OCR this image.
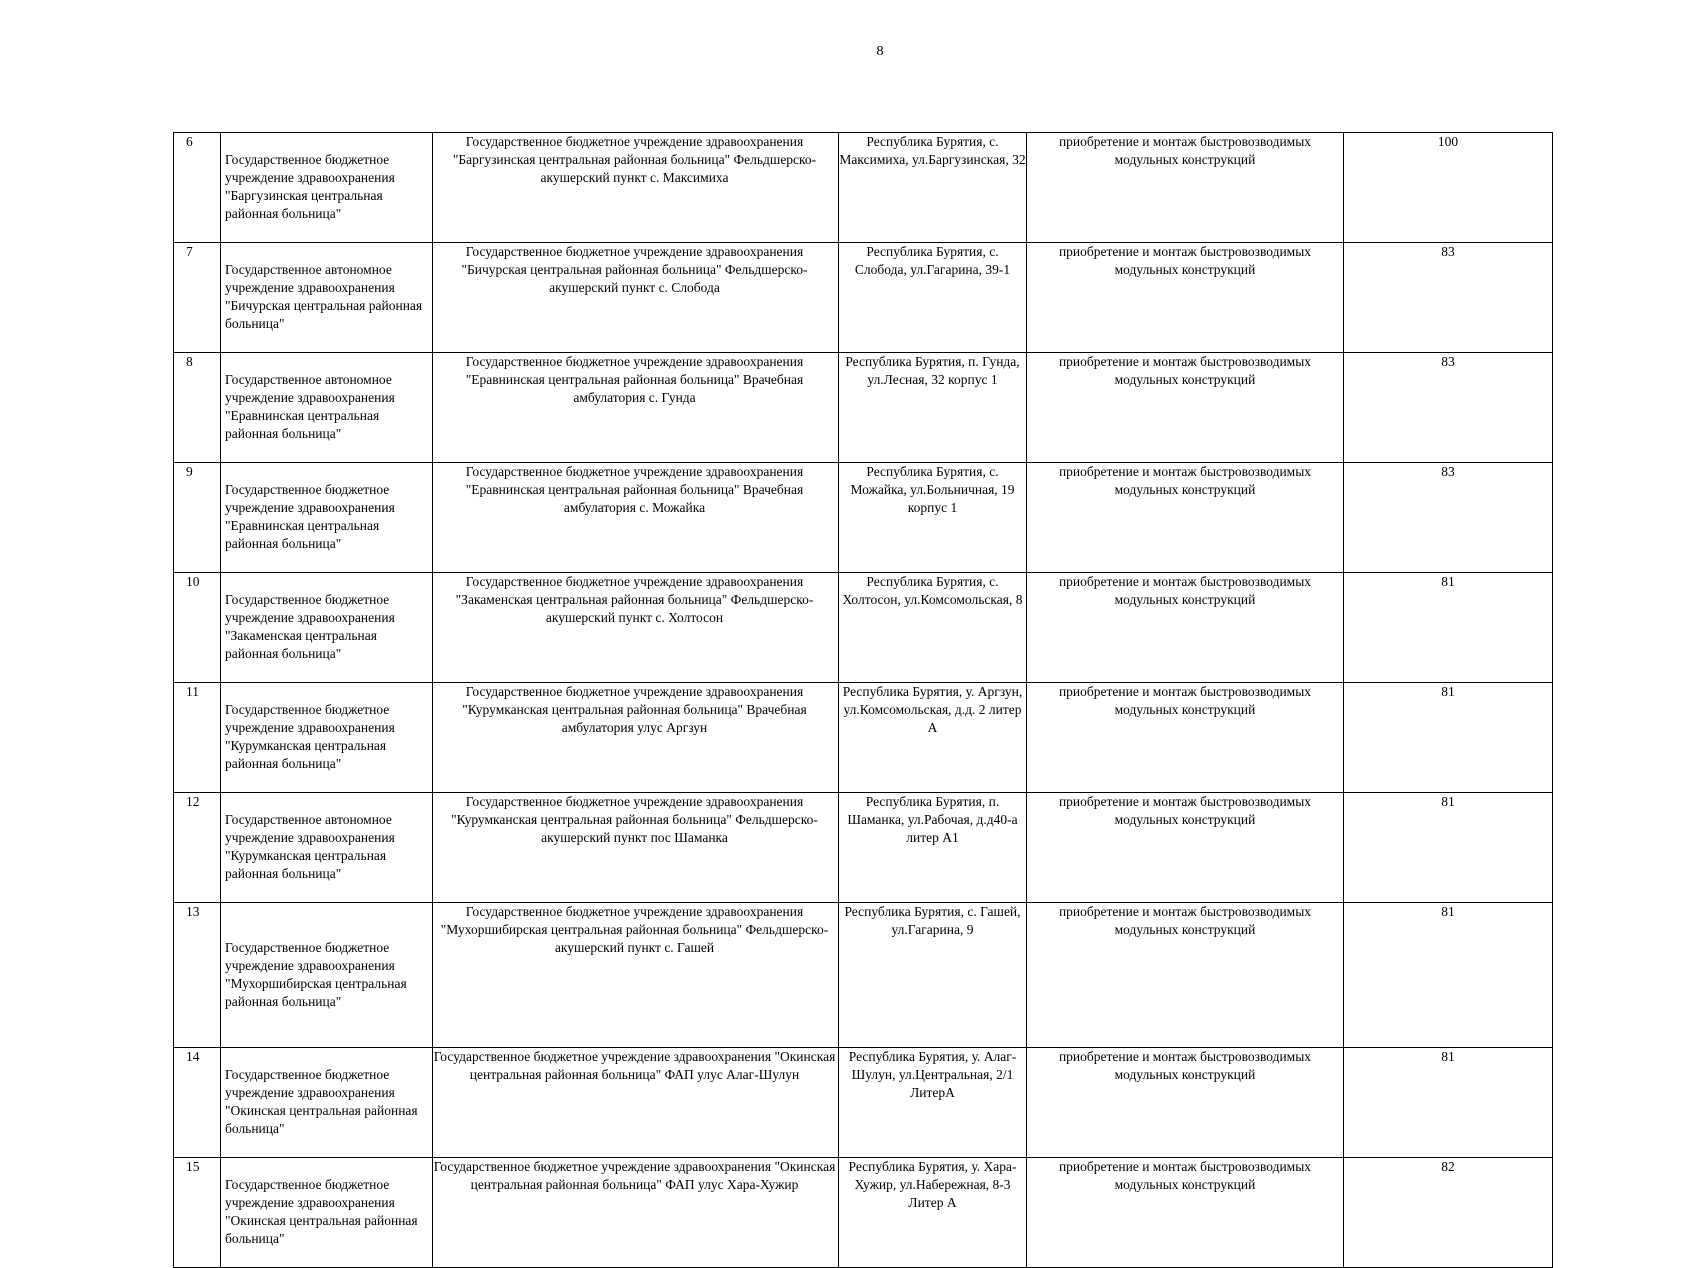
8
6	Государственное бюджетное учреждение здравоохранения "Баргузинская центральная районная больница"	Государственное бюджетное учреждение здравоохранения "Баргузинская центральная районная больница" Фельдшерско-акушерский пункт с. Максимиха	Республика Бурятия, с. Максимиха, ул.Баргузинская, 32	приобретение и монтаж быстровозводимых модульных конструкций	100
7	Государственное автономное учреждение здравоохранения "Бичурская центральная районная больница"	Государственное бюджетное учреждение здравоохранения "Бичурская центральная районная больница" Фельдшерско-акушерский пункт с. Слобода	Республика Бурятия, с. Слобода, ул.Гагарина, 39-1	приобретение и монтаж быстровозводимых модульных конструкций	83
8	Государственное автономное учреждение здравоохранения "Еравнинская центральная районная больница"	Государственное бюджетное учреждение здравоохранения "Еравнинская центральная районная больница" Врачебная амбулатория с. Гунда	Республика Бурятия, п. Гунда, ул.Лесная, 32 корпус 1	приобретение и монтаж быстровозводимых модульных конструкций	83
9	Государственное бюджетное учреждение здравоохранения "Еравнинская центральная районная больница"	Государственное бюджетное учреждение здравоохранения "Еравнинская центральная районная больница" Врачебная амбулатория с. Можайка	Республика Бурятия, с. Можайка, ул.Больничная, 19 корпус 1	приобретение и монтаж быстровозводимых модульных конструкций	83
10	Государственное бюджетное учреждение здравоохранения "Закаменская центральная районная больница"	Государственное бюджетное учреждение здравоохранения "Закаменская центральная районная больница" Фельдшерско-акушерский пункт с. Холтосон	Республика Бурятия, с. Холтосон, ул.Комсомольская, 8	приобретение и монтаж быстровозводимых модульных конструкций	81
11	Государственное бюджетное учреждение здравоохранения "Курумканская центральная районная больница"	Государственное бюджетное учреждение здравоохранения "Курумканская центральная районная больница" Врачебная амбулатория улус Аргзун	Республика Бурятия, у. Аргзун, ул.Комсомольская, д.д. 2 литер А	приобретение и монтаж быстровозводимых модульных конструкций	81
12	Государственное автономное учреждение здравоохранения "Курумканская центральная районная больница"	Государственное бюджетное учреждение здравоохранения "Курумканская центральная районная больница" Фельдшерско-акушерский пункт пос Шаманка	Республика Бурятия, п. Шаманка, ул.Рабочая, д.д40-а литер А1	приобретение и монтаж быстровозводимых модульных конструкций	81
13	Государственное бюджетное учреждение здравоохранения "Мухоршибирская центральная районная больница"	Государственное бюджетное учреждение здравоохранения "Мухоршибирская центральная районная больница" Фельдшерско-акушерский пункт с. Гашей	Республика Бурятия, с. Гашей, ул.Гагарина, 9	приобретение и монтаж быстровозводимых модульных конструкций	81
14	Государственное бюджетное учреждение здравоохранения "Окинская центральная районная больница"	Государственное бюджетное учреждение здравоохранения "Окинская центральная районная больница" ФАП улус Алаг-Шулун	Республика Бурятия, у. Алаг-Шулун, ул.Центральная, 2/1 ЛитерА	приобретение и монтаж быстровозводимых модульных конструкций	81
15	Государственное бюджетное учреждение здравоохранения "Окинская центральная районная больница"	Государственное бюджетное учреждение здравоохранения "Окинская центральная районная больница" ФАП улус Хара-Хужир	Республика Бурятия, у. Хара-Хужир, ул.Набережная, 8-3 Литер А	приобретение и монтаж быстровозводимых модульных конструкций	82
